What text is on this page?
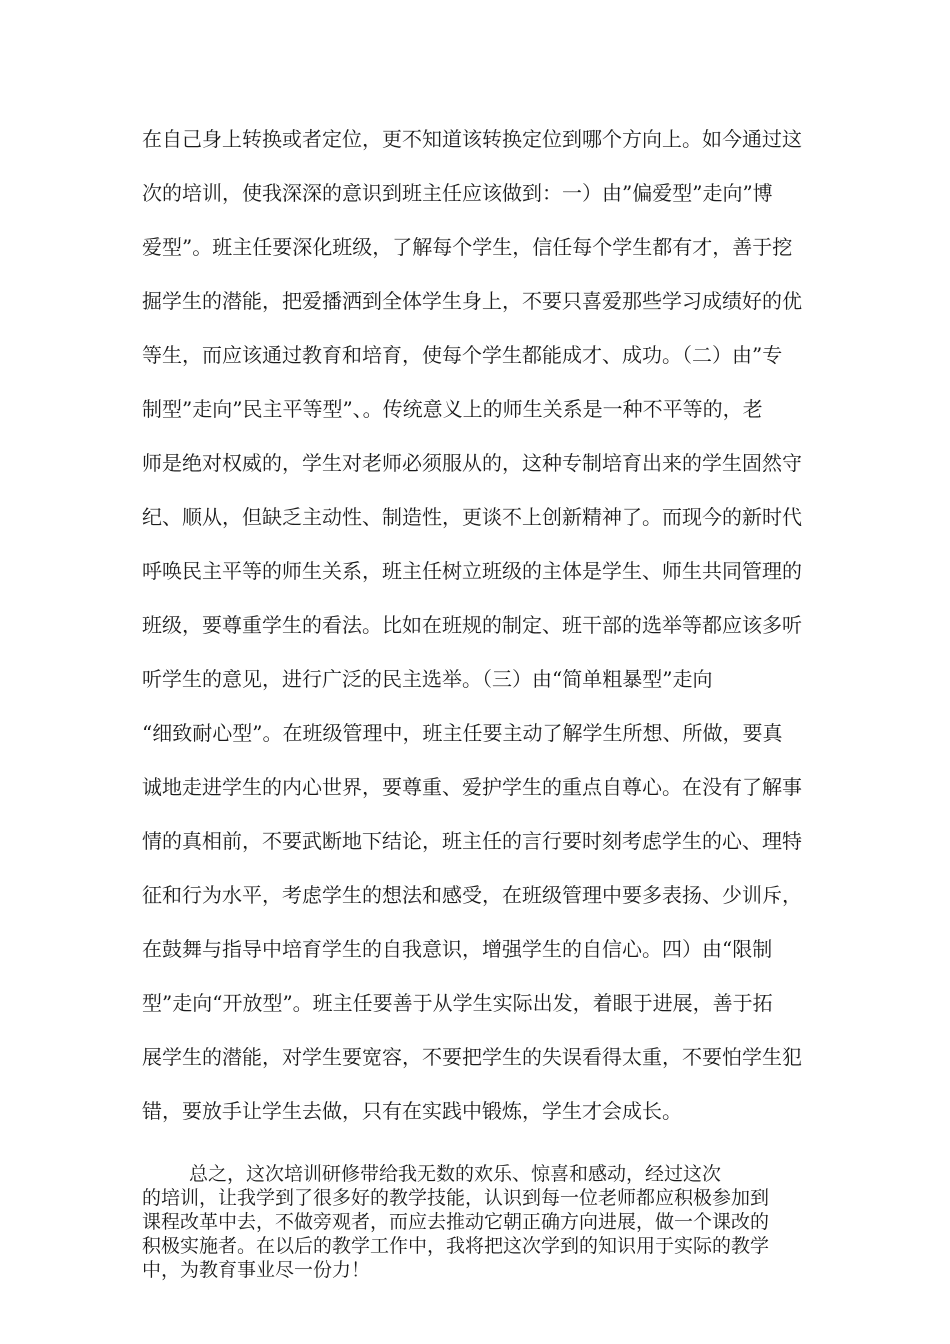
在自己身上转换或者定位，更不知道该转换定位到哪个方向上。如今通过这

次的培训，使我深深的意识到班主任应该做到：一）由”偏爱型”走向”博

爱型”。班主任要深化班级，了解每个学生，信任每个学生都有才，善于挖

掘学生的潜能，把爱播洒到全体学生身上，不要只喜爱那些学习成绩好的优

等生，而应该通过教育和培育，使每个学生都能成才、成功。（二）由”专

制型”走向”民主平等型”、。传统意义上的师生关系是一种不平等的，老

师是绝对权威的，学生对老师必须服从的，这种专制培育出来的学生固然守

纪、顺从，但缺乏主动性、制造性，更谈不上创新精神了。而现今的新时代

呼唤民主平等的师生关系，班主任树立班级的主体是学生、师生共同管理的

班级，要尊重学生的看法。比如在班规的制定、班干部的选举等都应该多听

听学生的意见，进行广泛的民主选举。（三）由“简单粗暴型”走向

“细致耐心型”。在班级管理中，班主任要主动了解学生所想、所做，要真

诚地走进学生的内心世界，要尊重、爱护学生的重点自尊心。在没有了解事

情的真相前，不要武断地下结论，班主任的言行要时刻考虑学生的心、理特

征和行为水平，考虑学生的想法和感受，在班级管理中要多表扬、少训斥，

在鼓舞与指导中培育学生的自我意识，增强学生的自信心。四）由“限制

型”走向“开放型”。班主任要善于从学生实际出发，着眼于进展，善于拓

展学生的潜能，对学生要宽容，不要把学生的失误看得太重，不要怕学生犯

错，要放手让学生去做，只有在实践中锻炼，学生才会成长。

总之，这次培训研修带给我无数的欢乐、惊喜和感动，经过这次

的培训，让我学到了很多好的教学技能，认识到每一位老师都应积极参加到

课程改革中去，不做旁观者，而应去推动它朝正确方向进展，做一个课改的

积极实施者。在以后的教学工作中，我将把这次学到的知识用于实际的教学

中，为教育事业尽一份力！
